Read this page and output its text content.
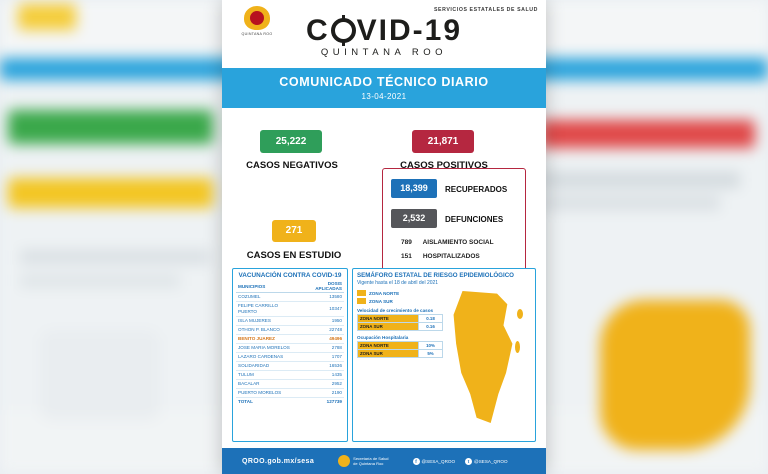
SERVICIOS ESTATALES DE SALUD
QUINTANA ROO	C VID-19
QUINTANA ROO
COMUNICADO TÉCNICO DIARIO
13-04-2021
25,222
CASOS NEGATIVOS
21,871
CASOS POSITIVOS
271
CASOS EN ESTUDIO
18,399	RECUPERADOS
2,532	DEFUNCIONES
789 AISLAMIENTO SOCIAL
151 HOSPITALIZADOS
VACUNACIÓN CONTRA COVID-19
MUNICIPIOS	DOSIS APLICADAS
COZUMEL	13580
FELIPE CARRILLO PUERTO	10347
ISLA MUJERES	1950
OTHON P. BLANCO	22748
BENITO JUAREZ	49496
JOSE MARIA MORELOS	2788
LAZARO CARDENAS	1707
SOLIDARIDAD	16536
TULUM	1435
BACALAR	2952
PUERTO MORELOS	2190
TOTAL	127739
SEMÁFORO ESTATAL DE RIESGO EPIDEMIOLÓGICO
Vigente hasta el 18 de abril del 2021
ZONA NORTE
ZONA SUR
Velocidad de crecimiento de casos
ZONA NORTE	0.18
ZONA SUR	0.16
Ocupación Hospitalaria
ZONA NORTE	10%
ZONA SUR	5%
QROO.gob.mx/sesa	Secretaría de Salud
de Quintana Roo	f	@SESA_QROO	t	@SESA_QROO
